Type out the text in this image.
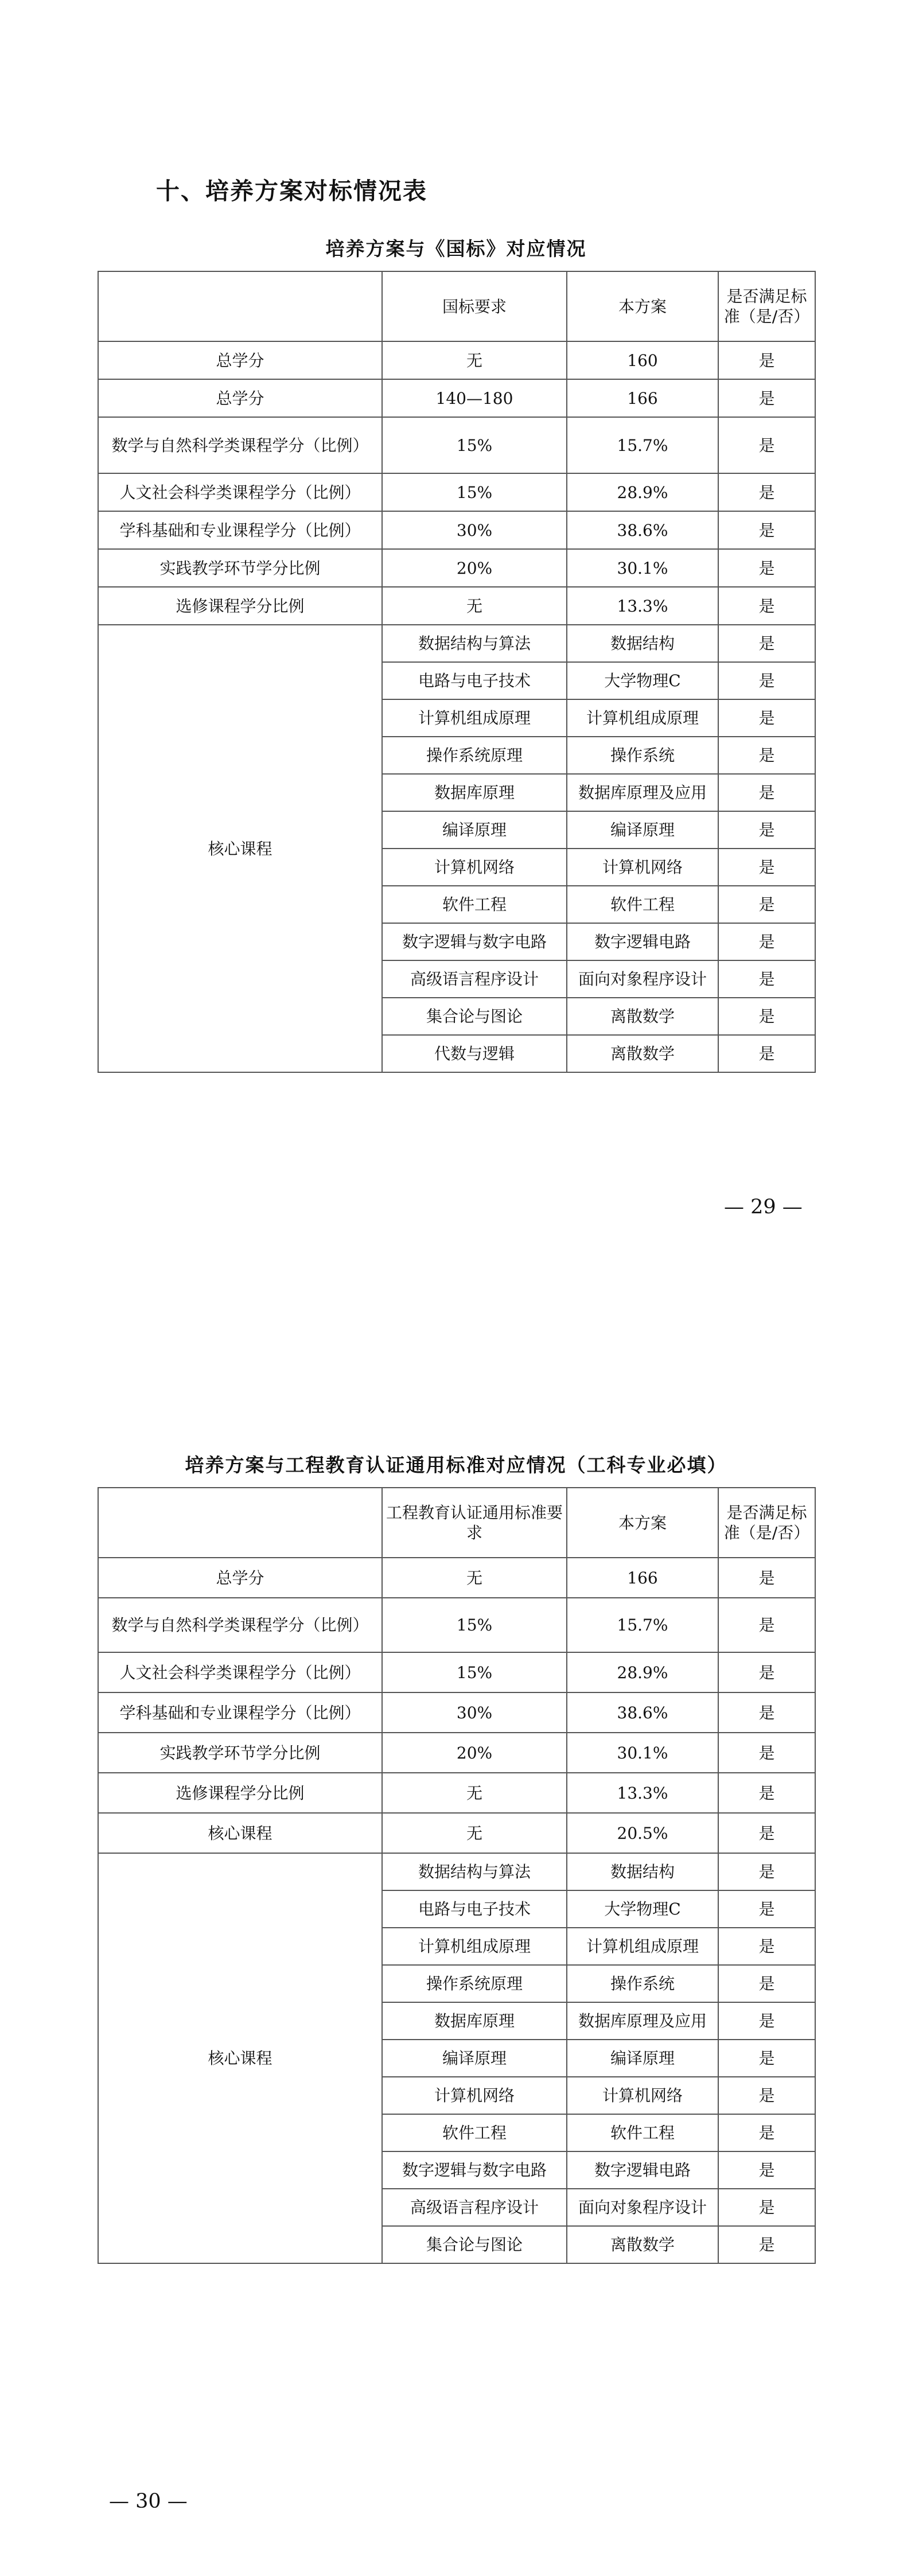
十、培养方案对标情况表
培养方案与《国标》对应情况
	国标要求	本方案	是否满足标准（是/否）
总学分	无	160	是
总学分	140—180	166	是
数学与自然科学类课程学分（比例）	15%	15.7%	是
人文社会科学类课程学分（比例）	15%	28.9%	是
学科基础和专业课程学分（比例）	30%	38.6%	是
实践教学环节学分比例	20%	30.1%	是
选修课程学分比例	无	13.3%	是
核心课程	数据结构与算法	数据结构	是
	电路与电子技术	大学物理C	是
	计算机组成原理	计算机组成原理	是
	操作系统原理	操作系统	是
	数据库原理	数据库原理及应用	是
	编译原理	编译原理	是
	计算机网络	计算机网络	是
	软件工程	软件工程	是
	数字逻辑与数字电路	数字逻辑电路	是
	高级语言程序设计	面向对象程序设计	是
	集合论与图论	离散数学	是
	代数与逻辑	离散数学	是
— 29 —
培养方案与工程教育认证通用标准对应情况（工科专业必填）
	工程教育认证通用标准要求	本方案	是否满足标准（是/否）
总学分	无	166	是
数学与自然科学类课程学分（比例）	15%	15.7%	是
人文社会科学类课程学分（比例）	15%	28.9%	是
学科基础和专业课程学分（比例）	30%	38.6%	是
实践教学环节学分比例	20%	30.1%	是
选修课程学分比例	无	13.3%	是
核心课程	无	20.5%	是
核心课程	数据结构与算法	数据结构	是
	电路与电子技术	大学物理C	是
	计算机组成原理	计算机组成原理	是
	操作系统原理	操作系统	是
	数据库原理	数据库原理及应用	是
	编译原理	编译原理	是
	计算机网络	计算机网络	是
	软件工程	软件工程	是
	数字逻辑与数字电路	数字逻辑电路	是
	高级语言程序设计	面向对象程序设计	是
	集合论与图论	离散数学	是
— 30 —
